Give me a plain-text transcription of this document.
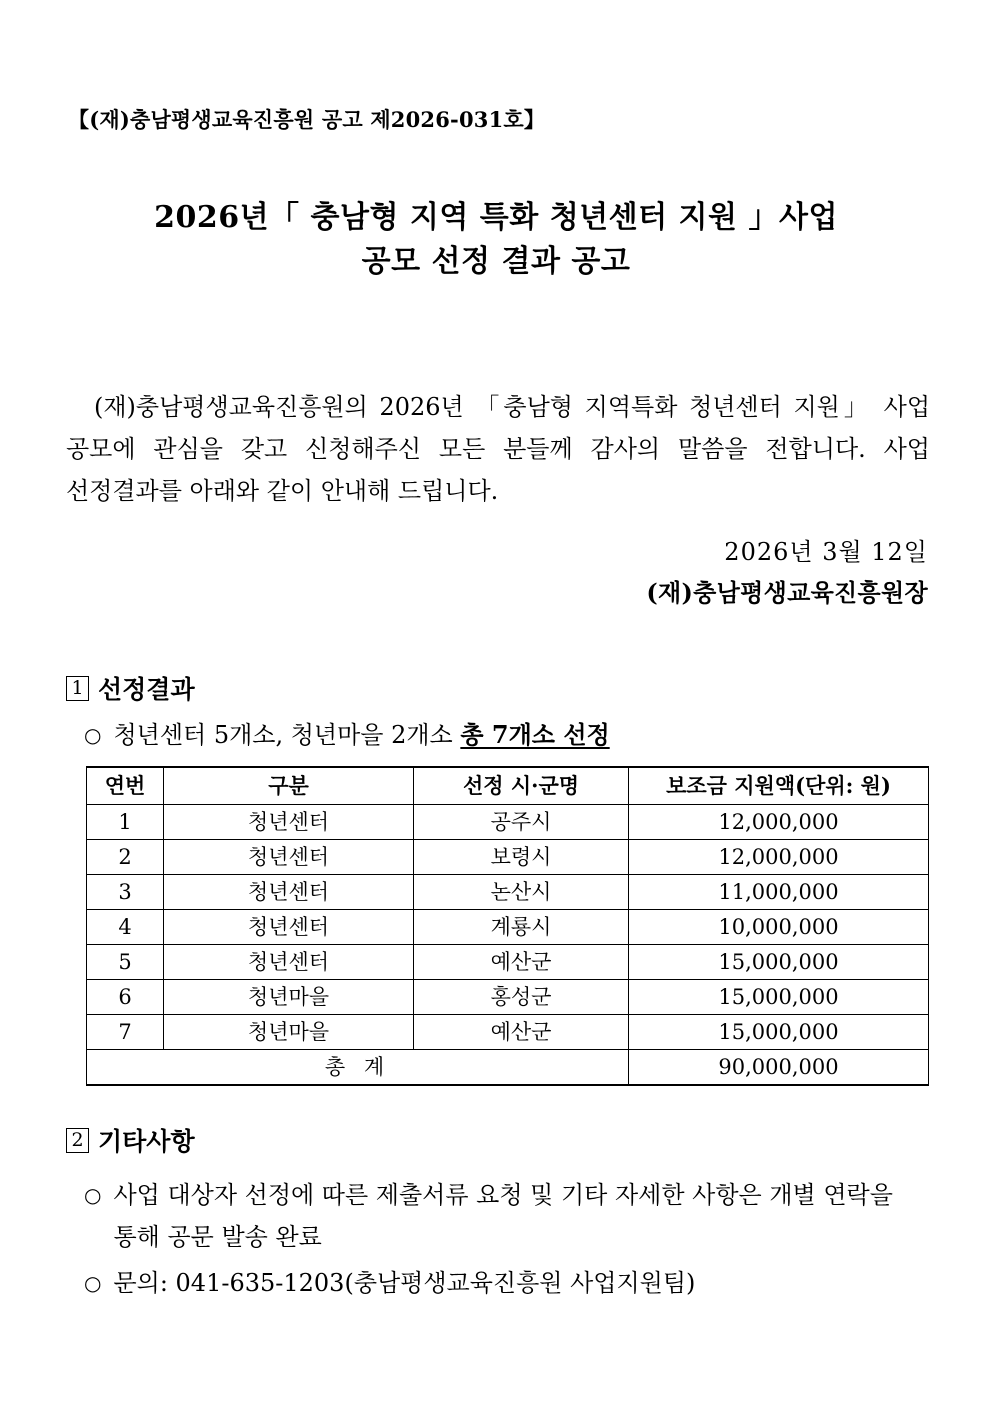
【(재)충남평생교육진흥원 공고 제2026-031호】
2026년「 충남형 지역 특화 청년센터 지원 」사업
공모 선정 결과 공고

(재)충남평생교육진흥원의 2026년 「충남형 지역특화 청년센터 지원」 사업 공모에 관심을 갖고 신청해주신 모든 분들께 감사의 말씀을 전합니다. 사업 선정결과를 아래와 같이 안내해 드립니다.

2026년 3월 12일
(재)충남평생교육진흥원장
1 선정결과
○ 청년센터 5개소, 청년마을 2개소 총 7개소 선정
연번	구분	선정 시·군명	보조금 지원액(단위: 원)
1	청년센터	공주시	12,000,000
2	청년센터	보령시	12,000,000
3	청년센터	논산시	11,000,000
4	청년센터	계룡시	10,000,000
5	청년센터	예산군	15,000,000
6	청년마을	홍성군	15,000,000
7	청년마을	예산군	15,000,000
총 계			90,000,000
2 기타사항
○ 사업 대상자 선정에 따른 제출서류 요청 및 기타 자세한 사항은 개별 연락을 통해 공문 발송 완료
○ 문의: 041-635-1203(충남평생교육진흥원 사업지원팀)
